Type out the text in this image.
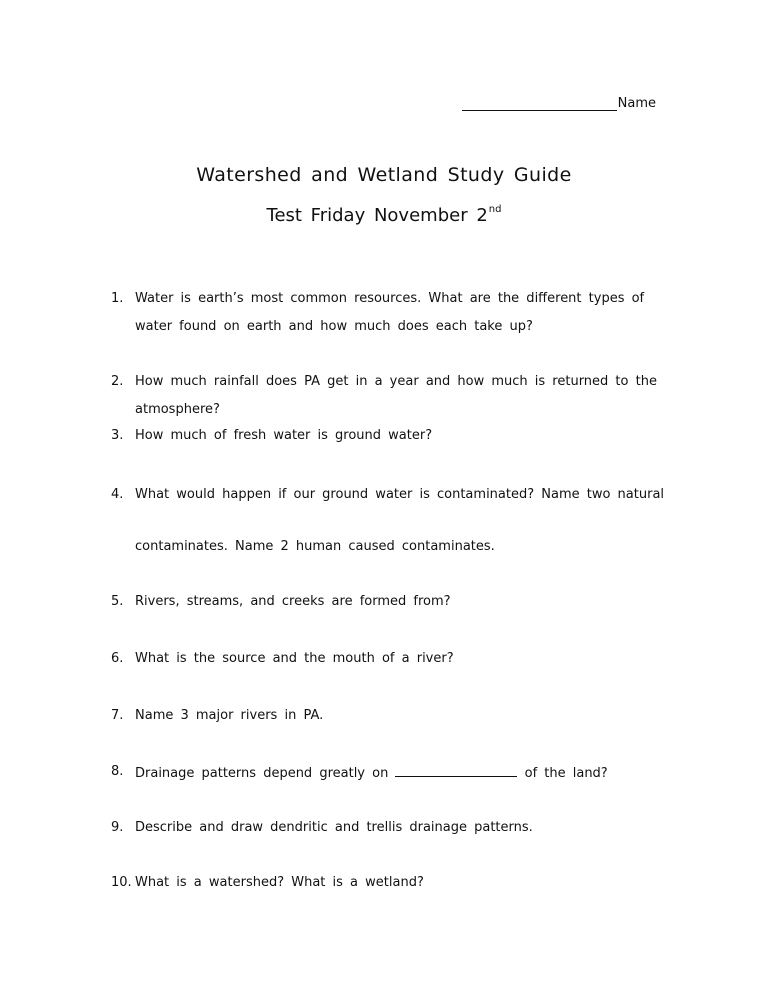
Name
Watershed and Wetland Study Guide
Test Friday November 2nd
1. Water is earth’s most common resources. What are the different types of
water found on earth and how much does each take up?
2. How much rainfall does PA get in a year and how much is returned to the
atmosphere?
3. How much of fresh water is ground water?
4. What would happen if our ground water is contaminated? Name two natural
contaminates. Name 2 human caused contaminates.
5. Rivers, streams, and creeks are formed from?
6. What is the source and the mouth of a river?
7. Name 3 major rivers in PA.
8. Drainage patterns depend greatly on	of the land?
9. Describe and draw dendritic and trellis drainage patterns.
10. What is a watershed? What is a wetland?
